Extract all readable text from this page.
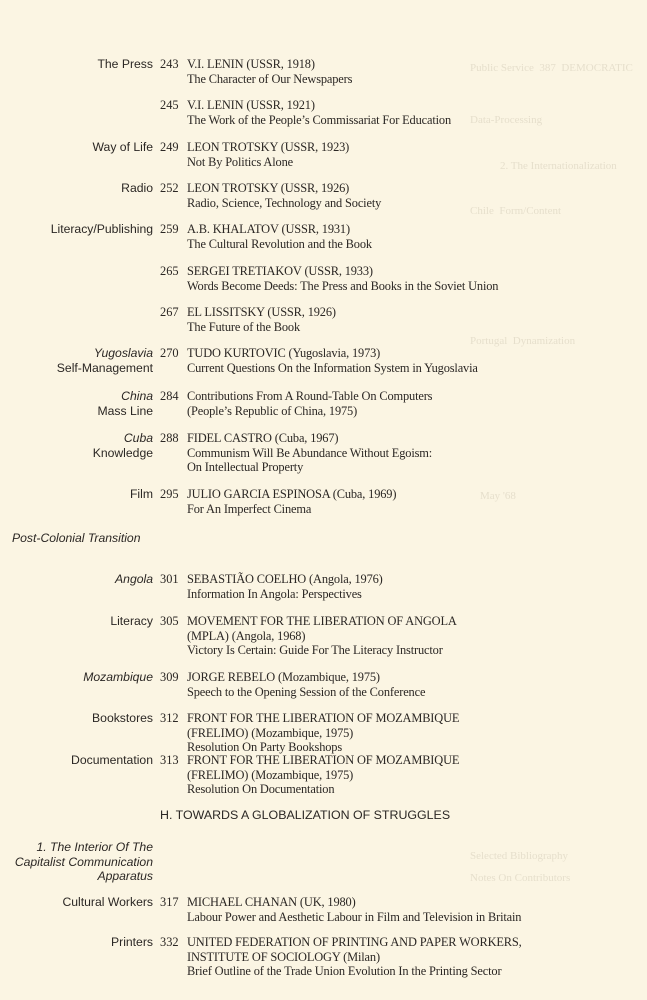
Public Service  387  DEMOCRATIC
Data-Processing
2. The Internationalization
Chile  Form/Content
Portugal  Dynamization
May '68
Selected Bibliography
Notes On Contributors
The Press 243 V.I. LENIN (USSR, 1918)
The Character of Our Newspapers
245 V.I. LENIN (USSR, 1921)
The Work of the People’s Commissariat For Education
Way of Life 249 LEON TROTSKY (USSR, 1923)
Not By Politics Alone
Radio 252 LEON TROTSKY (USSR, 1926)
Radio, Science, Technology and Society
Literacy/Publishing 259 A.B. KHALATOV (USSR, 1931)
The Cultural Revolution and the Book
265 SERGEI TRETIAKOV (USSR, 1933)
Words Become Deeds: The Press and Books in the Soviet Union
267 EL LISSITSKY (USSR, 1926)
The Future of the Book
Yugoslavia
Self-Management
270 TUDO KURTOVIC (Yugoslavia, 1973)
Current Questions On the Information System in Yugoslavia
China
Mass Line
284 Contributions From A Round-Table On Computers
(People’s Republic of China, 1975)
Cuba
Knowledge
288 FIDEL CASTRO (Cuba, 1967)
Communism Will Be Abundance Without Egoism:
On Intellectual Property
Film 295 JULIO GARCIA ESPINOSA (Cuba, 1969)
For An Imperfect Cinema
Post-Colonial Transition
Angola 301 SEBASTIÃO COELHO (Angola, 1976)
Information In Angola: Perspectives
Literacy 305 MOVEMENT FOR THE LIBERATION OF ANGOLA
(MPLA) (Angola, 1968)
Victory Is Certain: Guide For The Literacy Instructor
Mozambique 309 JORGE REBELO (Mozambique, 1975)
Speech to the Opening Session of the Conference
Bookstores 312 FRONT FOR THE LIBERATION OF MOZAMBIQUE
(FRELIMO) (Mozambique, 1975)
Resolution On Party Bookshops
Documentation 313 FRONT FOR THE LIBERATION OF MOZAMBIQUE
(FRELIMO) (Mozambique, 1975)
Resolution On Documentation
H. TOWARDS A GLOBALIZATION OF STRUGGLES
1. The Interior Of The
Capitalist Communication
Apparatus
Cultural Workers 317 MICHAEL CHANAN (UK, 1980)
Labour Power and Aesthetic Labour in Film and Television in Britain
Printers 332 UNITED FEDERATION OF PRINTING AND PAPER WORKERS,
INSTITUTE OF SOCIOLOGY (Milan)
Brief Outline of the Trade Union Evolution In the Printing Sector
